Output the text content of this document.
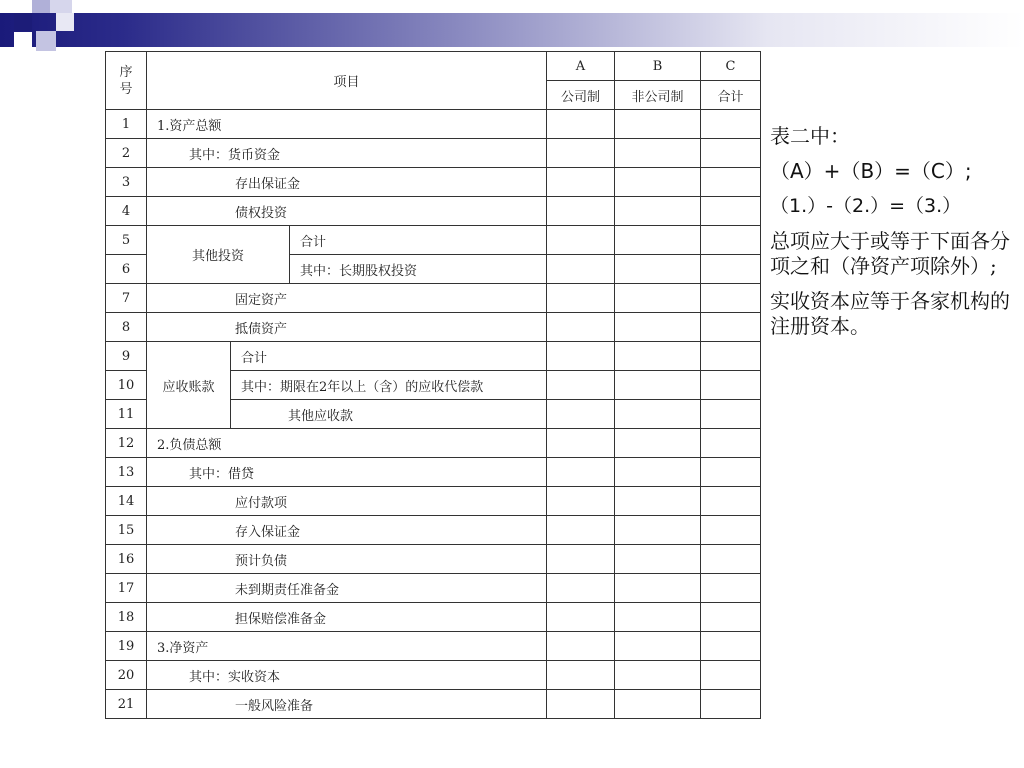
序号	项目			A	B	C
				公司制	非公司制	合计
1	1.资产总额					
2	其中：货币资金					
3	存出保证金					
4	债权投资					
5	其他投资		合计			
6			其中：长期股权投资			
7	固定资产					
8	抵债资产					
9	应收账款	合计				
10		其中：期限在2年以上（含）的应收代偿款				
11		其他应收款				
12	2.负债总额					
13	其中：借贷					
14	应付款项					
15	存入保证金					
16	预计负债					
17	未到期责任准备金					
18	担保赔偿准备金					
19	3.净资产					
20	其中：实收资本					
21	一般风险准备					

表二中：

（A）+（B）=（C）;

（1.）-（2.）=（3.）

总项应大于或等于下面各分项之和（净资产项除外）;

实收资本应等于各家机构的注册资本。
